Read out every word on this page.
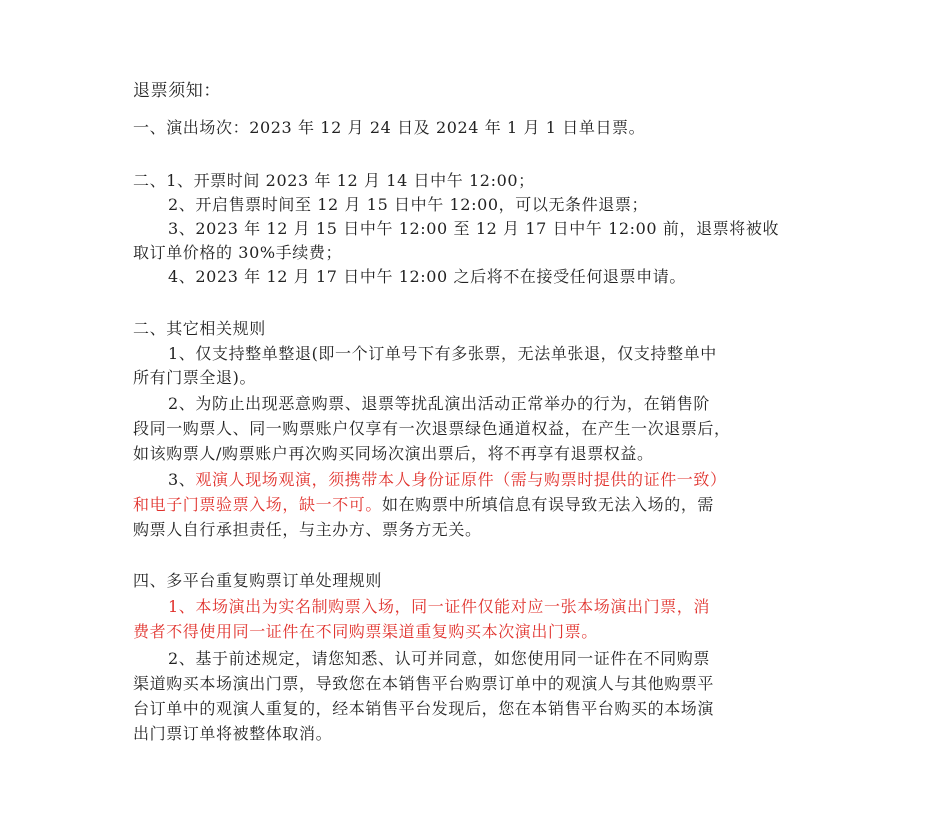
退票须知：
一、演出场次：2023 年 12 月 24 日及 2024 年 1 月 1 日单日票。
二、1、开票时间 2023 年 12 月 14 日中午 12:00；
2、开启售票时间至 12 月 15 日中午 12:00，可以无条件退票；
3、2023 年 12 月 15 日中午 12:00 至 12 月 17 日中午 12:00 前，退票将被收
取订单价格的 30%手续费；
4、2023 年 12 月 17 日中午 12:00 之后将不在接受任何退票申请。
二、其它相关规则
1、仅支持整单整退(即一个订单号下有多张票，无法单张退，仅支持整单中
所有门票全退)。
2、为防止出现恶意购票、退票等扰乱演出活动正常举办的行为，在销售阶
段同一购票人、同一购票账户仅享有一次退票绿色通道权益，在产生一次退票后，
如该购票人/购票账户再次购买同场次演出票后，将不再享有退票权益。
3、观演人现场观演，须携带本人身份证原件（需与购票时提供的证件一致）
和电子门票验票入场，缺一不可。如在购票中所填信息有误导致无法入场的，需
购票人自行承担责任，与主办方、票务方无关。
四、多平台重复购票订单处理规则
1、本场演出为实名制购票入场，同一证件仅能对应一张本场演出门票，消
费者不得使用同一证件在不同购票渠道重复购买本次演出门票。
2、基于前述规定，请您知悉、认可并同意，如您使用同一证件在不同购票
渠道购买本场演出门票，导致您在本销售平台购票订单中的观演人与其他购票平
台订单中的观演人重复的，经本销售平台发现后，您在本销售平台购买的本场演
出门票订单将被整体取消。
